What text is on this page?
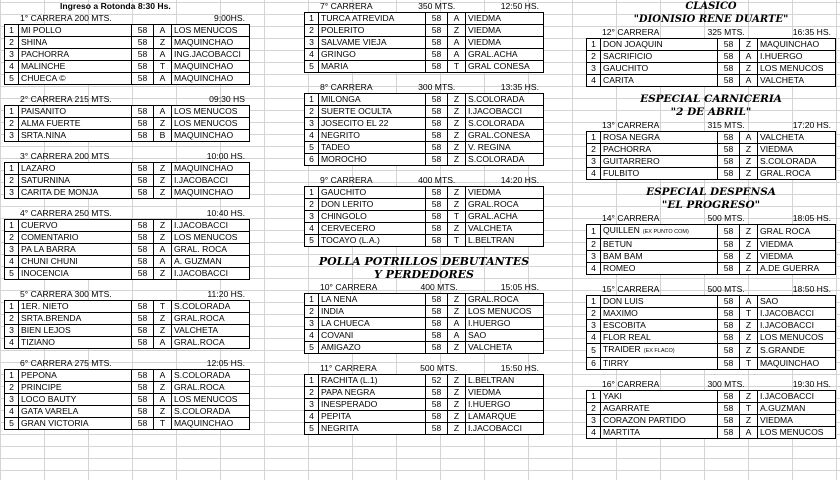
Ingreso a Rotonda 8:30 Hs.
1° CARRERA 200 MTS.	9:00HS.
1	MI POLLO	58	A	LOS MENUCOS
2	SHINA	58	Z	MAQUINCHAO
3	PACHORRA	58	A	ING.JACOBACCI
4	MALINCHE	58	T	MAQUINCHAO
5	CHUECA ©	58	A	MAQUINCHAO
2° CARRERA 215 MTS.	09:30 HS
1	PAISANITO	58	A	LOS MENUCOS
2	ALMA FUERTE	58	Z	LOS MENUCOS
3	SRTA.NINA	58	B	MAQUINCHAO
3° CARRERA 200 MTS	10:00 HS.
1	LAZARO	58	Z	MAQUINCHAO
2	SATURNINA	58	Z	I.JACOBACCI
3	CARITA DE MONJA	58	Z	MAQUINCHAO
4° CARRERA 250 MTS.	10:40 HS.
1	CUERVO	58	Z	I.JACOBACCI
2	COMENTARIO	58	Z	LOS MENUCOS
3	PA LA BARRA	58	A	GRAL. ROCA
4	CHUNI CHUNI	58	A	A. GUZMAN
5	INOCENCIA	58	Z	I.JACOBACCI
5° CARRERA 300 MTS.	11:20 HS.
1	1ER. NIETO	58	T	S.COLORADA
2	SRTA.BRENDA	58	Z	GRAL.ROCA
3	BIEN LEJOS	58	Z	VALCHETA
4	TIZIANO	58	A	GRAL.ROCA
6° CARRERA 275 MTS.	12:05 HS.
1	PEPONA	58	A	S.COLORADA
2	PRINCIPE	58	Z	GRAL.ROCA
3	LOCO BAUTY	58	A	LOS MENUCOS
4	GATA VARELA	58	Z	S.COLORADA
5	GRAN VICTORIA	58	T	MAQUINCHAO
7° CARRERA	350 MTS.	12:50 HS.
1	TURCA ATREVIDA	58	A	VIEDMA
2	POLERITO	58	Z	VIEDMA
3	SALVAME VIEJA	58	A	VIEDMA
4	GRINGO	58	A	GRAL.ACHA
5	MARIA	58	T	GRAL CONESA
8° CARRERA	300 MTS.	13:35 HS.
1	MILONGA	58	Z	S.COLORADA
2	SUERTE OCULTA	58	Z	I.JACOBACCI
3	JOSECITO EL 22	58	Z	S.COLORADA
4	NEGRITO	58	Z	GRAL.CONESA
5	TADEO	58	Z	V. REGINA
6	MOROCHO	58	Z	S.COLORADA
9° CARRERA	400 MTS.	14:20 HS.
1	GAUCHITO	58	Z	VIEDMA
2	DON LERITO	58	Z	GRAL.ROCA
3	CHINGOLO	58	T	GRAL.ACHA
4	CERVECERO	58	Z	VALCHETA
5	TOCAYO (L.A.)	58	T	L.BELTRAN
POLLA POTRILLOS DEBUTANTES
Y PERDEDORES
10° CARRERA	400 MTS.	15:05 HS.
1	LA NENA	58	Z	GRAL.ROCA
2	INDIA	58	Z	LOS MENUCOS
3	LA CHUECA	58	A	I.HUERGO
4	COVANI	58	A	SAO
5	AMIGAZO	58	Z	VALCHETA
11° CARRERA	500 MTS.	15:50 HS.
1	RACHITA (L.1)	52	Z	L.BELTRAN
2	PAPA NEGRA	58	Z	VIEDMA
3	INESPERADO	58	Z	I.HUERGO
4	PEPITA	58	Z	LAMARQUE
5	NEGRITA	58	Z	I.JACOBACCI
CLASICO
"DIONISIO RENE DUARTE"
12° CARRERA	325 MTS.	16:35 HS.
1	DON JOAQUIN	58	Z	MAQUINCHAO
2	SACRIFICIO	58	A	I.HUERGO
3	GAUCHITO	58	Z	LOS MENUCOS
4	CARITA	58	A	VALCHETA
ESPECIAL CARNICERIA
"2 DE ABRIL"
13° CARRERA	315 MTS.	17:20 HS.
1	ROSA NEGRA	58	A	VALCHETA
2	PACHORRA	58	Z	VIEDMA
3	GUITARRERO	58	Z	S.COLORADA
4	FULBITO	58	Z	GRAL.ROCA
ESPECIAL DESPENSA
"EL PROGRESO"
14° CARRERA	500 MTS.	18:05 HS.
1	QUILLEN (EX PUNTO COM)	58	Z	GRAL ROCA
2	BETUN	58	Z	VIEDMA
3	BAM BAM	58	Z	VIEDMA
4	ROMEO	58	Z	A.DE GUERRA
15° CARRERA	500 MTS.	18:50 HS.
1	DON LUIS	58	A	SAO
2	MAXIMO	58	T	I.JACOBACCI
3	ESCOBITA	58	Z	I.JACOBACCI
4	FLOR REAL	58	Z	LOS MENUCOS
5	TRAIDER (EX FLACO)	58	Z	S.GRANDE
6	TIRRY	58	T	MAQUINCHAO
16° CARRERA	300 MTS.	19:30 HS.
1	YAKI	58	Z	I.JACOBACCI
2	AGARRATE	58	T	A.GUZMAN
3	CORAZON PARTIDO	58	Z	VIEDMA
4	MARTITA	58	A	LOS MENUCOS
